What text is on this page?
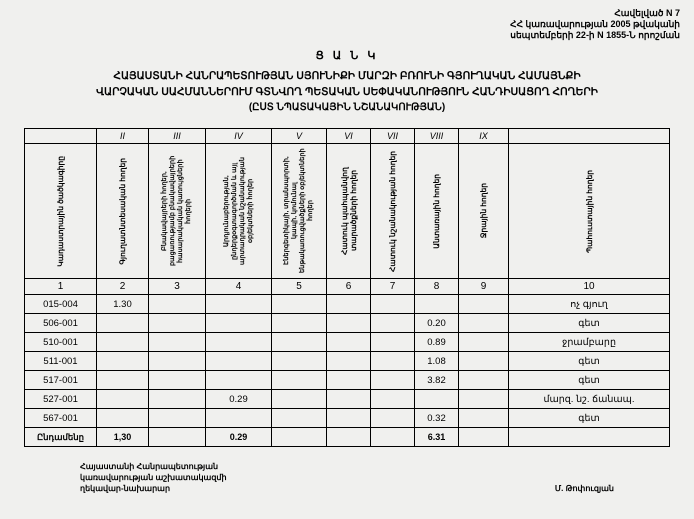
Հավելված N 7
ՀՀ կառավարության 2005 թվականի
սեպտեմբերի 22-ի N 1855-Ն որոշման
Ց Ա Ն Կ
ՀԱՅԱՍՏԱՆԻ ՀԱՆՐԱՊԵՏՈՒԹՅԱՆ ՍՅՈՒՆԻՔԻ ՄԱՐԶԻ ԲՌՈՒՆԻ ԳՅՈՒՂԱԿԱՆ ՀԱՄԱՅՆՔԻ
ՎԱՐՉԱԿԱՆ ՍԱՀՄԱՆՆԵՐՈՒՄ ԳՏՆՎՈՂ ՊԵՏԱԿԱՆ ՍԵՓԱԿԱՆՈՒԹՅՈՒՆ ՀԱՆԴԻՍԱՑՈՂ ՀՈՂԵՐԻ
(ԸՍՏ ՆՊԱՏԱԿԱՅԻՆ ՆՇԱՆԱԿՈՒԹՅԱՆ)
	II	III	IV	V	VI	VII	VIII	IX	

Կադաստրային ծածկագիրը	Գյուղատնտեսական հողեր	Բնակավայրերի հողեր, բացառությամբ բնակավայրերի հասարակական կառույցների հողերի	Արդյունաբերության, ընդերքօգտագործման և այլ արտադրական նշանակության օբյեկտների հողեր	Էներգետիկայի, տրանսպորտի, կապի, կոմունալ ենթակառուցվածքների օբյեկտների հողեր	Հատուկ պահպանվող տարածքների հողեր	Հատուկ նշանակության հողեր	Անտառային հողեր	Ջրային հողեր	Պահուստային հողեր

1	2	3	4	5	6	7	8	9	10
015-004	1.30								ոչ գյուղ
506-001							0.20		գետ
510-001							0.89		ջրամբարը
511-001							1.08		գետ
517-001							3.82		գետ
527-001			0.29						մարզ. նշ. ճանապ.
567-001							0.32		գետ
Ընդամենը	1,30		0.29				6.31		
Հայաստանի Հանրապետության
կառավարության աշխատակազմի
ղեկավար-նախարար	Մ. Թոփուզյան
